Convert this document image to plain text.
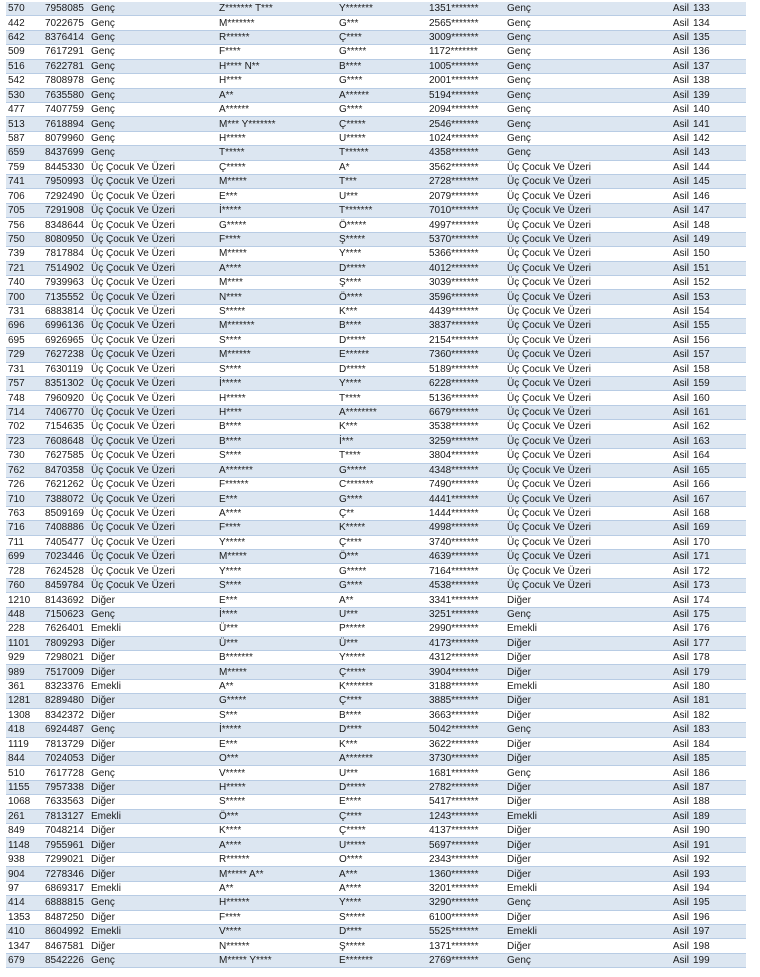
570	7958085	Genç	Z******* T***	Y*******	1351*******	Genç	Asil	133
442	7022675	Genç	M*******	G***	2565*******	Genç	Asil	134
642	8376414	Genç	R******	Ç****	3009*******	Genç	Asil	135
509	7617291	Genç	F****	G*****	1172*******	Genç	Asil	136
516	7622781	Genç	H**** N**	B****	1005*******	Genç	Asil	137
542	7808978	Genç	H****	G****	2001*******	Genç	Asil	138
530	7635580	Genç	A**	A******	5194*******	Genç	Asil	139
477	7407759	Genç	A******	G****	2094*******	Genç	Asil	140
513	7618894	Genç	M*** Y*******	Ç*****	2546*******	Genç	Asil	141
587	8079960	Genç	H*****	U*****	1024*******	Genç	Asil	142
659	8437699	Genç	T*****	T******	4358*******	Genç	Asil	143
759	8445330	Üç Çocuk Ve Üzeri	Ç*****	A*	3562*******	Üç Çocuk Ve Üzeri	Asil	144
741	7950993	Üç Çocuk Ve Üzeri	M*****	T***	2728*******	Üç Çocuk Ve Üzeri	Asil	145
706	7292490	Üç Çocuk Ve Üzeri	E***	U***	2079*******	Üç Çocuk Ve Üzeri	Asil	146
705	7291908	Üç Çocuk Ve Üzeri	İ*****	T*******	7010*******	Üç Çocuk Ve Üzeri	Asil	147
756	8348644	Üç Çocuk Ve Üzeri	G*****	Ö*****	4997*******	Üç Çocuk Ve Üzeri	Asil	148
750	8080950	Üç Çocuk Ve Üzeri	F****	Ş*****	5370*******	Üç Çocuk Ve Üzeri	Asil	149
739	7817884	Üç Çocuk Ve Üzeri	M*****	Y****	5366*******	Üç Çocuk Ve Üzeri	Asil	150
721	7514902	Üç Çocuk Ve Üzeri	A****	D*****	4012*******	Üç Çocuk Ve Üzeri	Asil	151
740	7939963	Üç Çocuk Ve Üzeri	M****	Ş****	3039*******	Üç Çocuk Ve Üzeri	Asil	152
700	7135552	Üç Çocuk Ve Üzeri	N****	Ö****	3596*******	Üç Çocuk Ve Üzeri	Asil	153
731	6883814	Üç Çocuk Ve Üzeri	S*****	K***	4439*******	Üç Çocuk Ve Üzeri	Asil	154
696	6996136	Üç Çocuk Ve Üzeri	M*******	B****	3837*******	Üç Çocuk Ve Üzeri	Asil	155
695	6926965	Üç Çocuk Ve Üzeri	S****	D*****	2154*******	Üç Çocuk Ve Üzeri	Asil	156
729	7627238	Üç Çocuk Ve Üzeri	M******	E******	7360*******	Üç Çocuk Ve Üzeri	Asil	157
731	7630119	Üç Çocuk Ve Üzeri	S****	D*****	5189*******	Üç Çocuk Ve Üzeri	Asil	158
757	8351302	Üç Çocuk Ve Üzeri	İ*****	Y****	6228*******	Üç Çocuk Ve Üzeri	Asil	159
748	7960920	Üç Çocuk Ve Üzeri	H*****	T****	5136*******	Üç Çocuk Ve Üzeri	Asil	160
714	7406770	Üç Çocuk Ve Üzeri	H****	A********	6679*******	Üç Çocuk Ve Üzeri	Asil	161
702	7154635	Üç Çocuk Ve Üzeri	B****	K***	3538*******	Üç Çocuk Ve Üzeri	Asil	162
723	7608648	Üç Çocuk Ve Üzeri	B****	İ***	3259*******	Üç Çocuk Ve Üzeri	Asil	163
730	7627585	Üç Çocuk Ve Üzeri	S****	T****	3804*******	Üç Çocuk Ve Üzeri	Asil	164
762	8470358	Üç Çocuk Ve Üzeri	A*******	G*****	4348*******	Üç Çocuk Ve Üzeri	Asil	165
726	7621262	Üç Çocuk Ve Üzeri	F******	C*******	7490*******	Üç Çocuk Ve Üzeri	Asil	166
710	7388072	Üç Çocuk Ve Üzeri	E***	G****	4441*******	Üç Çocuk Ve Üzeri	Asil	167
763	8509169	Üç Çocuk Ve Üzeri	A****	Ç**	1444*******	Üç Çocuk Ve Üzeri	Asil	168
716	7408886	Üç Çocuk Ve Üzeri	F****	K*****	4998*******	Üç Çocuk Ve Üzeri	Asil	169
711	7405477	Üç Çocuk Ve Üzeri	Y*****	Ç****	3740*******	Üç Çocuk Ve Üzeri	Asil	170
699	7023446	Üç Çocuk Ve Üzeri	M*****	Ö***	4639*******	Üç Çocuk Ve Üzeri	Asil	171
728	7624528	Üç Çocuk Ve Üzeri	Y****	G*****	7164*******	Üç Çocuk Ve Üzeri	Asil	172
760	8459784	Üç Çocuk Ve Üzeri	S****	G****	4538*******	Üç Çocuk Ve Üzeri	Asil	173
1210	8143692	Diğer	E***	A**	3341*******	Diğer	Asil	174
448	7150623	Genç	İ****	U***	3251*******	Genç	Asil	175
228	7626401	Emekli	Ü***	P*****	2990*******	Emekli	Asil	176
1101	7809293	Diğer	Ü***	Ü***	4173*******	Diğer	Asil	177
929	7298021	Diğer	B*******	Y*****	4312*******	Diğer	Asil	178
989	7517009	Diğer	M*****	Ç*****	3904*******	Diğer	Asil	179
361	8323376	Emekli	A**	K*******	3188*******	Emekli	Asil	180
1281	8289480	Diğer	G*****	Ç****	3885*******	Diğer	Asil	181
1308	8342372	Diğer	S***	B****	3663*******	Diğer	Asil	182
418	6924487	Genç	İ*****	D****	5042*******	Genç	Asil	183
1119	7813729	Diğer	E***	K***	3622*******	Diğer	Asil	184
844	7024053	Diğer	O***	A*******	3730*******	Diğer	Asil	185
510	7617728	Genç	V*****	U***	1681*******	Genç	Asil	186
1155	7957338	Diğer	H*****	D*****	2782*******	Diğer	Asil	187
1068	7633563	Diğer	S*****	E****	5417*******	Diğer	Asil	188
261	7813127	Emekli	Ö***	Ç****	1243*******	Emekli	Asil	189
849	7048214	Diğer	K****	Ç*****	4137*******	Diğer	Asil	190
1148	7955961	Diğer	A****	U*****	5697*******	Diğer	Asil	191
938	7299021	Diğer	R******	O****	2343*******	Diğer	Asil	192
904	7278346	Diğer	M***** A**	A***	1360*******	Diğer	Asil	193
97	6869317	Emekli	A**	A****	3201*******	Emekli	Asil	194
414	6888815	Genç	H******	Y****	3290*******	Genç	Asil	195
1353	8487250	Diğer	F****	S*****	6100*******	Diğer	Asil	196
410	8604992	Emekli	V****	D****	5525*******	Emekli	Asil	197
1347	8467581	Diğer	N******	Ş*****	1371*******	Diğer	Asil	198
679	8542226	Genç	M***** Y****	E*******	2769*******	Genç	Asil	199
